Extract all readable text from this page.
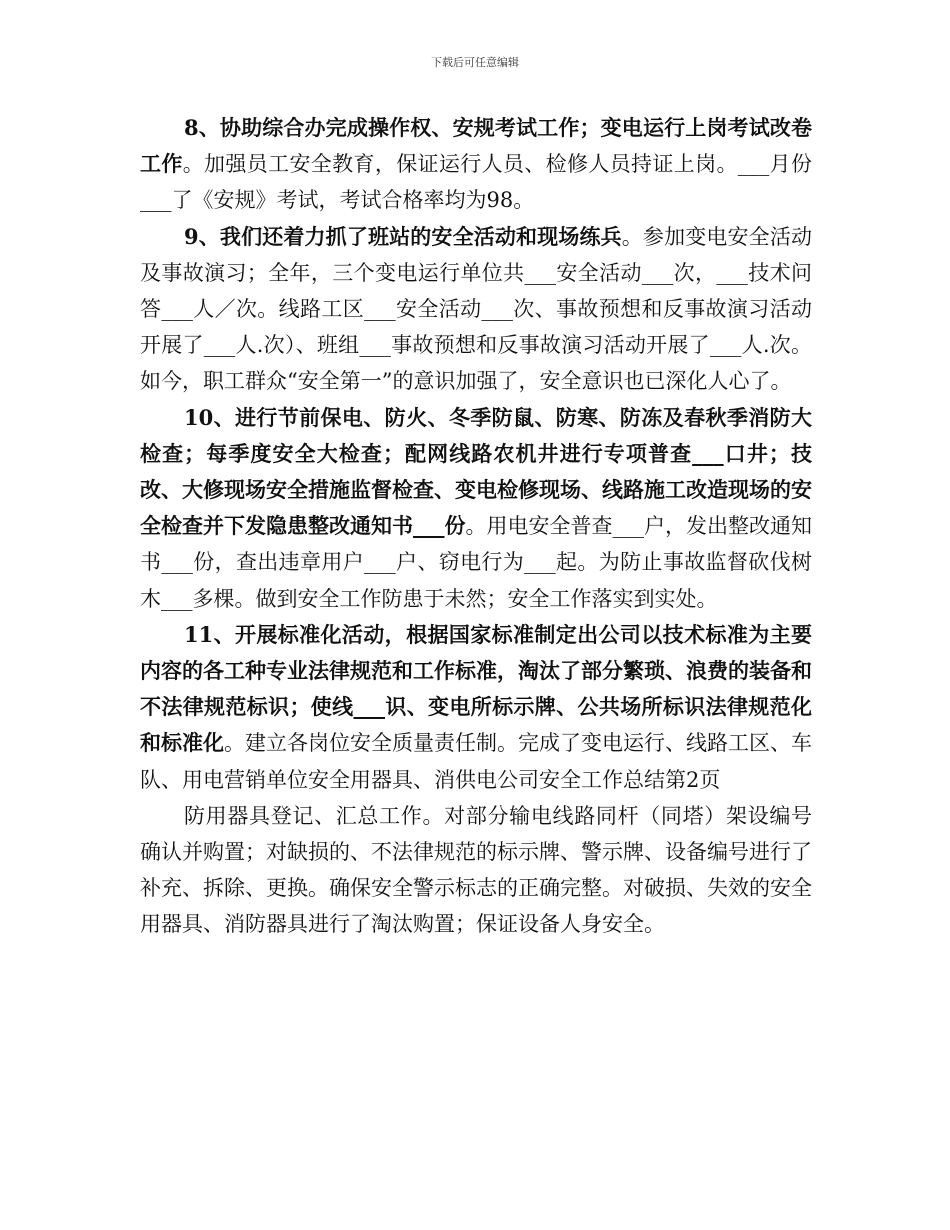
下载后可任意编辑

8、协助综合办完成操作权、安规考试工作；变电运行上岗考试改卷工作。加强员工安全教育，保证运行人员、检修人员持证上岗。___月份___了《安规》考试，考试合格率均为98。

9、我们还着力抓了班站的安全活动和现场练兵。参加变电安全活动及事故演习；全年，三个变电运行单位共___安全活动___次，___技术问答___人／次。线路工区___安全活动___次、事故预想和反事故演习活动开展了___人.次）、班组___事故预想和反事故演习活动开展了___人.次。如今，职工群众“安全第一”的意识加强了，安全意识也已深化人心了。

10、进行节前保电、防火、冬季防鼠、防寒、防冻及春秋季消防大检查；每季度安全大检查；配网线路农机井进行专项普查___口井；技改、大修现场安全措施监督检查、变电检修现场、线路施工改造现场的安全检查并下发隐患整改通知书___份。用电安全普查___户，发出整改通知书___份，查出违章用户___户、窃电行为___起。为防止事故监督砍伐树木___多棵。做到安全工作防患于未然；安全工作落实到实处。

11、开展标准化活动，根据国家标准制定出公司以技术标准为主要内容的各工种专业法律规范和工作标准，淘汰了部分繁琐、浪费的装备和不法律规范标识；使线___识、变电所标示牌、公共场所标识法律规范化和标准化。建立各岗位安全质量责任制。完成了变电运行、线路工区、车队、用电营销单位安全用器具、消供电公司安全工作总结第2页

防用器具登记、汇总工作。对部分输电线路同杆（同塔）架设编号确认并购置；对缺损的、不法律规范的标示牌、警示牌、设备编号进行了补充、拆除、更换。确保安全警示标志的正确完整。对破损、失效的安全用器具、消防器具进行了淘汰购置；保证设备人身安全。
